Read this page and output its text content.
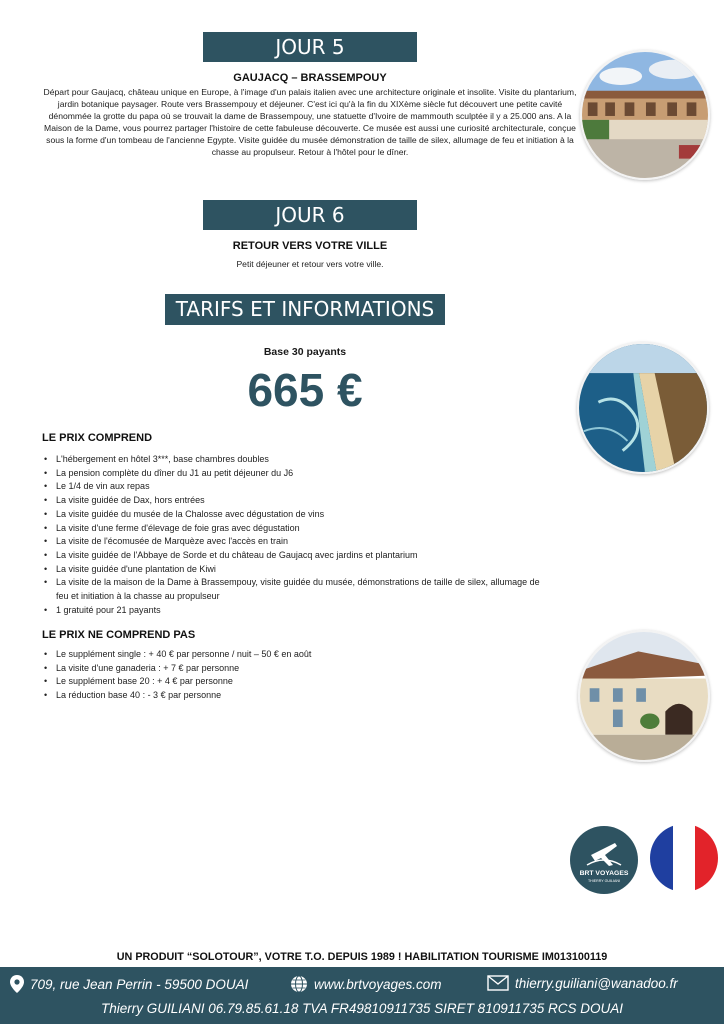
JOUR 5
GAUJACQ – BRASSEMPOUY
Départ pour Gaujacq, château unique en Europe, à l'image d'un palais italien avec une architecture originale et insolite. Visite du plantarium, jardin botanique paysager. Route vers Brassempouy et déjeuner. C'est ici qu'à la fin du XIXème siècle fut découvert une petite cavité dénommée la grotte du papa où se trouvait la dame de Brassempouy, une statuette d'Ivoire de mammouth sculptée il y a 25.000 ans. A la Maison de la Dame, vous pourrez partager l'histoire de cette fabuleuse découverte. Ce musée est aussi une curiosité architecturale, conçue sous la forme d'un tombeau de l'ancienne Egypte. Visite guidée du musée démonstration de taille de silex, allumage de feu et initiation à la chasse au propulseur. Retour à l'hôtel pour le dîner.
JOUR 6
RETOUR VERS VOTRE VILLE
Petit déjeuner et retour vers votre ville.
TARIFS ET INFORMATIONS
Base 30 payants
665 €
LE PRIX COMPREND
• L'hébergement en hôtel 3***, base chambres doubles
• La pension complète du dîner du J1 au petit déjeuner du J6
• Le 1/4 de vin aux repas
• La visite guidée de Dax, hors entrées
• La visite guidée du musée de la Chalosse avec dégustation de vins
• La visite d'une ferme d'élevage de foie gras avec dégustation
• La visite de l'écomusée de Marquèze avec l'accès en train
• La visite guidée de l'Abbaye de Sorde et du château de Gaujacq avec jardins et plantarium
• La visite guidée d'une plantation de Kiwi
• La visite de la maison de la Dame à Brassempouy, visite guidée du musée, démonstrations de taille de silex, allumage de feu et initiation à la chasse au propulseur
• 1 gratuité pour 21 payants
LE PRIX NE COMPREND PAS
• Le supplément single : + 40 € par personne / nuit – 50 € en août
• La visite d'une ganaderia : + 7 € par personne
• Le supplément base 20 : + 4 € par personne
• La réduction base 40 : - 3 € par personne
BRT VOYAGES
THIERRY GUILIANI
UN PRODUIT “SOLOTOUR”, VOTRE T.O. DEPUIS 1989 ! HABILITATION TOURISME IM013100119
709, rue Jean Perrin - 59500 DOUAI	www.brtvoyages.com	thierry.guiliani@wanadoo.fr
Thierry GUILIANI 06.79.85.61.18 TVA FR49810911735 SIRET 810911735 RCS DOUAI
